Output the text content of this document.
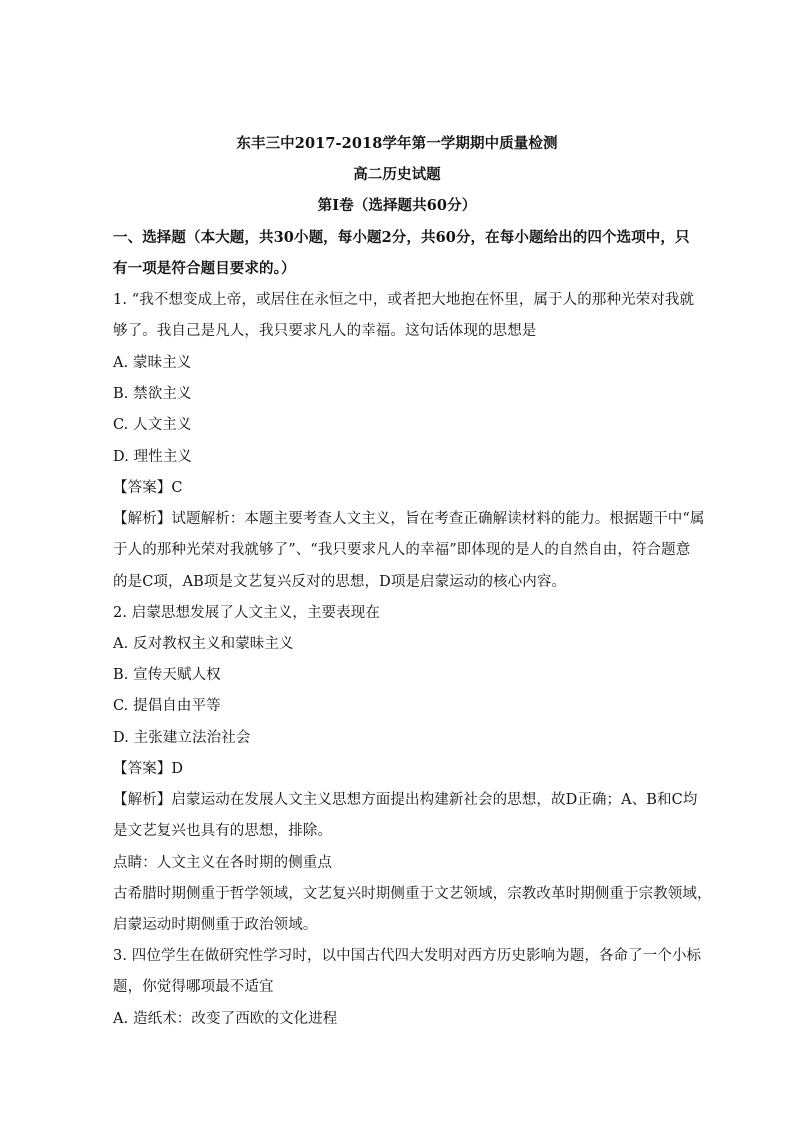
东丰三中2017-2018学年第一学期期中质量检测
高二历史试题
第Ⅰ卷（选择题共60分）
一、选择题（本大题，共30小题，每小题2分，共60分，在每小题给出的四个选项中，只
有一项是符合题目要求的。）
1. “我不想变成上帝，或居住在永恒之中，或者把大地抱在怀里，属于人的那种光荣对我就
够了。我自己是凡人，我只要求凡人的幸福。这句话体现的思想是
A. 蒙昧主义
B. 禁欲主义
C. 人文主义
D. 理性主义
【答案】C
【解析】试题解析：本题主要考查人文主义，旨在考查正确解读材料的能力。根据题干中“属
于人的那种光荣对我就够了”、“我只要求凡人的幸福”即体现的是人的自然自由，符合题意
的是C项，AB项是文艺复兴反对的思想，D项是启蒙运动的核心内容。
2. 启蒙思想发展了人文主义，主要表现在
A. 反对教权主义和蒙昧主义
B. 宣传天赋人权
C. 提倡自由平等
D. 主张建立法治社会
【答案】D
【解析】启蒙运动在发展人文主义思想方面提出构建新社会的思想，故D正确；A、B和C均
是文艺复兴也具有的思想，排除。
点睛：人文主义在各时期的侧重点
古希腊时期侧重于哲学领域，文艺复兴时期侧重于文艺领域，宗教改革时期侧重于宗教领域，
启蒙运动时期侧重于政治领域。
3. 四位学生在做研究性学习时，以中国古代四大发明对西方历史影响为题，各命了一个小标
题，你觉得哪项最不适宜
A. 造纸术：改变了西欧的文化进程
